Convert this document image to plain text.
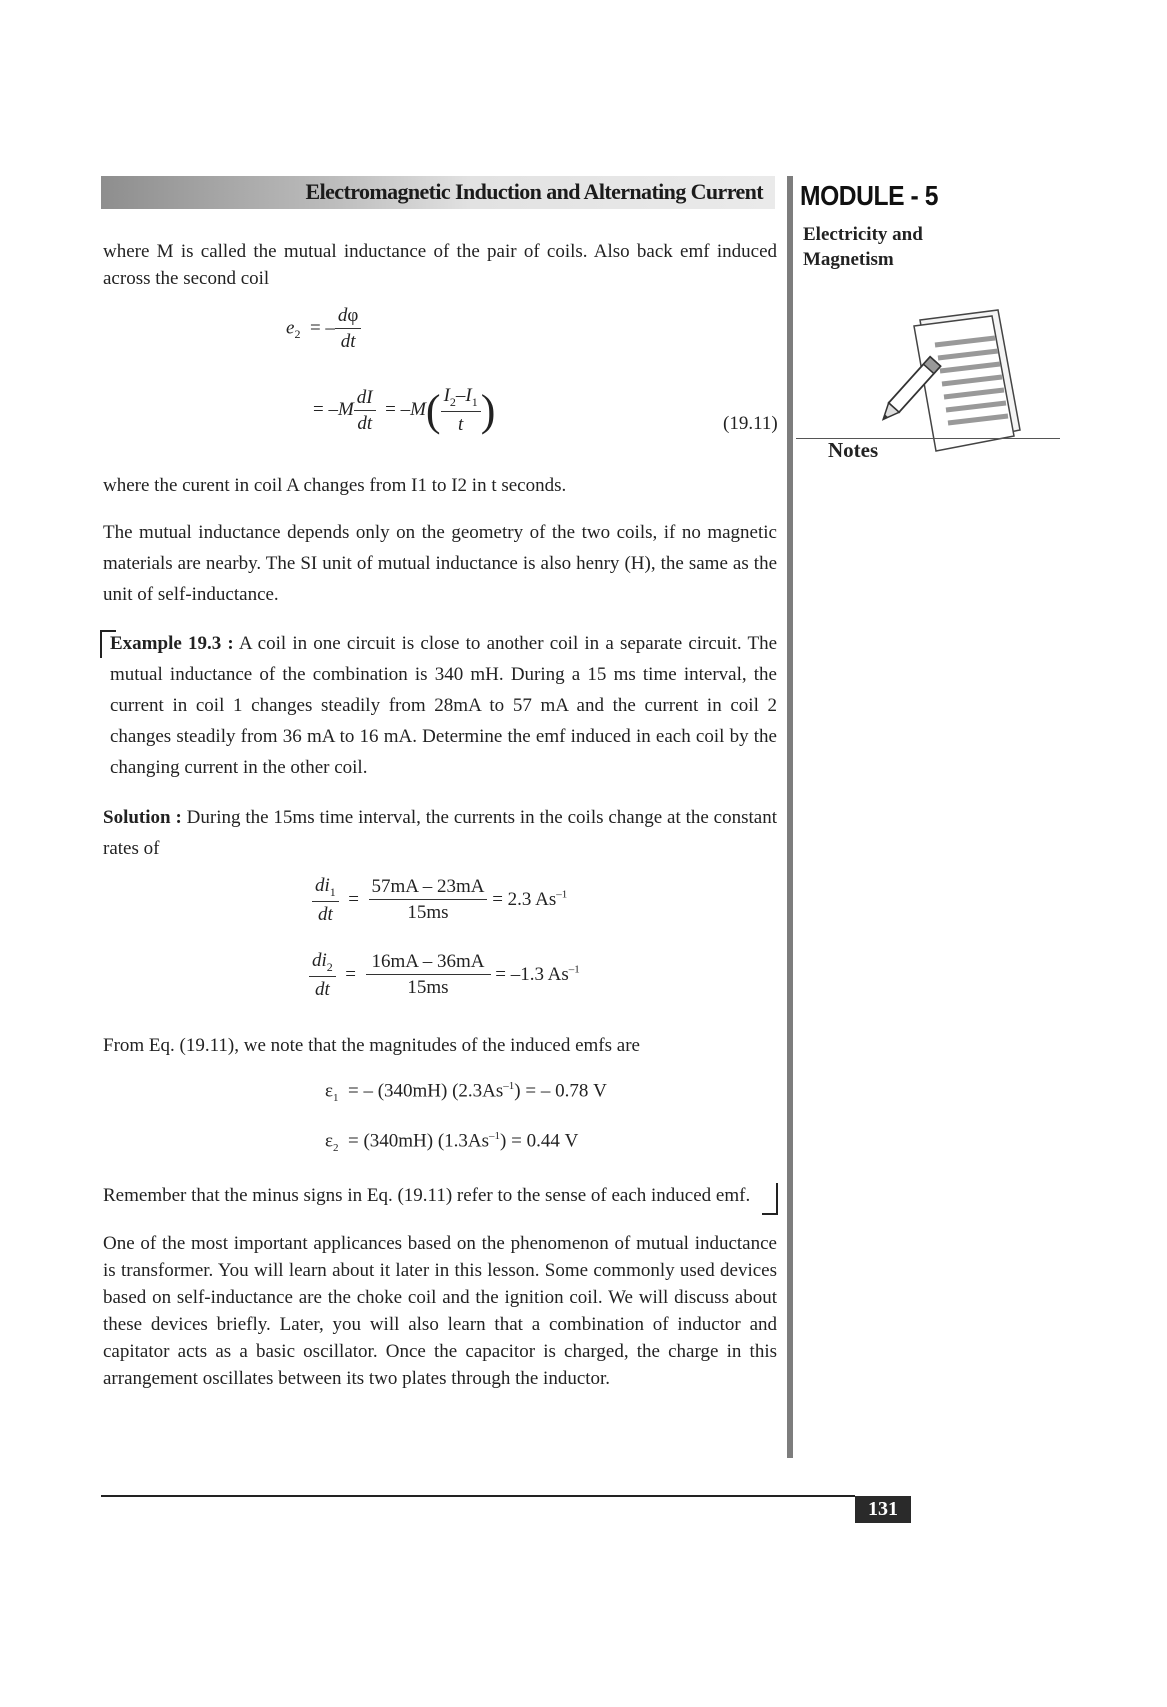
Electromagnetic Induction and Alternating Current MODULE - 5
Electricity and Magnetism
Notes
where M is called the mutual inductance of the pair of coils. Also back emf induced across the second coil
$e_2$  = – $\frac{d\varphi}{dt}$
= $-M \frac{dI}{dt} = -M( \frac{I_2-I_1}{t}$ )	(19.11)
where the curent in coil A changes from I1 to I2 in t seconds.
The mutual inductance depends only on the geometry of the two coils, if no magnetic materials are nearby. The SI unit of mutual inductance is also henry (H), the same as the unit of self-inductance.
Example 19.3 : A coil in one circuit is close to another coil in a separate circuit. The mutual inductance of the combination is 340 mH. During a 15 ms time interval, the current in coil 1 changes steadily from 28mA to 57 mA and the current in coil 2 changes steadily from 36 mA to 16 mA. Determine the emf induced in each coil by the changing current in the other coil.
Solution : During the 15ms time interval, the currents in the coils change at the constant rates of
$\frac{di_1}{dt} = \frac{57mA - 23mA}{15ms} = 2.3$ $As^{-1}$
$\frac{di_2}{dt} = \frac{16mA - 36mA}{15ms} = -1.3$ $As^{-1}$
From Eq. (19.11), we note that the magnitudes of the induced emfs are
$\varepsilon_1$ = – (340mH) $(2.3As^{-1})$ = – 0.78 V
$\varepsilon_2 = (340mH) (1.3As^{-1}) = 0.44$ V
Remember that the minus signs in Eq. (19.11) refer to the sense of each induced emf.
One of the most important applicances based on the phenomenon of mutual inductance is transformer. You will learn about it later in this lesson. Some commonly used devices based on self-inductance are the choke coil and the ignition coil. We will discuss about these devices briefly. Later, you will also learn that a combination of inductor and capitator acts as a basic oscillator. Once the capacitor is charged, the charge in this arrangement oscillates between its two plates through the inductor.
131
